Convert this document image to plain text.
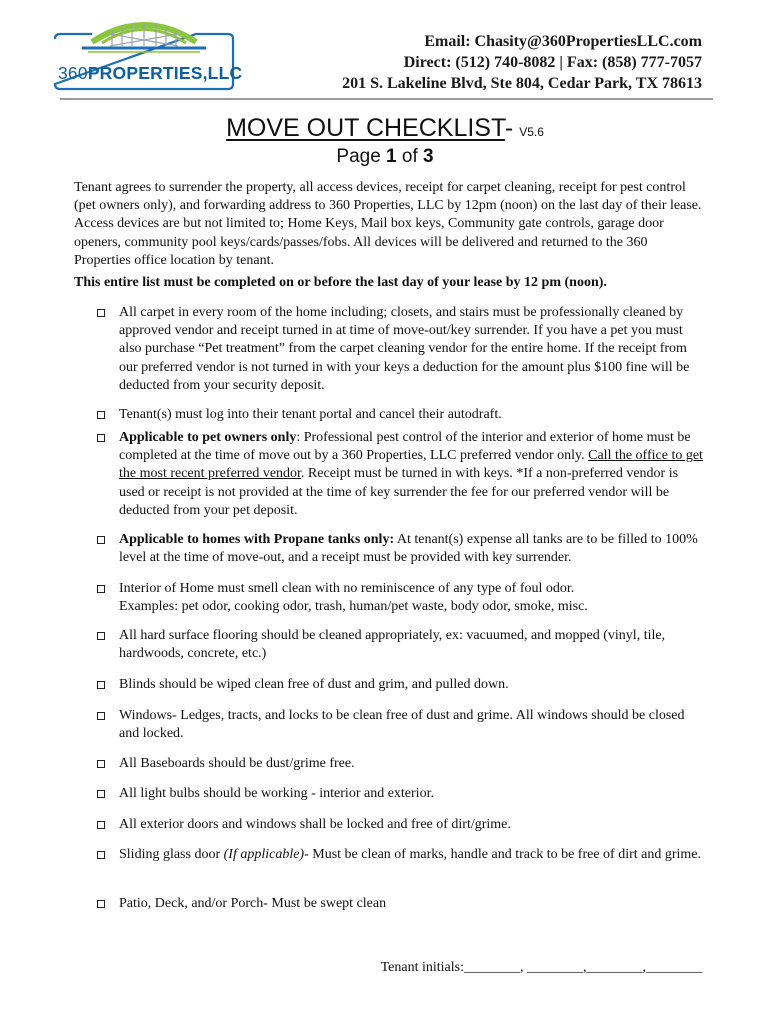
360PROPERTIES,LLC
Email: Chasity@360PropertiesLLC.com
Direct: (512) 740-8082 | Fax: (858) 777-7057
201 S. Lakeline Blvd, Ste 804, Cedar Park, TX 78613
MOVE OUT CHECKLIST- V5.6
Page 1 of 3
Tenant agrees to surrender the property, all access devices, receipt for carpet cleaning, receipt for pest control (pet owners only), and forwarding address to 360 Properties, LLC by 12pm (noon) on the last day of their lease. Access devices are but not limited to; Home Keys, Mail box keys, Community gate controls, garage door openers, community pool keys/cards/passes/fobs. All devices will be delivered and returned to the 360 Properties office location by tenant.
This entire list must be completed on or before the last day of your lease by 12 pm (noon).
All carpet in every room of the home including; closets, and stairs must be professionally cleaned by approved vendor and receipt turned in at time of move-out/key surrender. If you have a pet you must also purchase “Pet treatment” from the carpet cleaning vendor for the entire home. If the receipt from our preferred vendor is not turned in with your keys a deduction for the amount plus $100 fine will be deducted from your security deposit.
Tenant(s) must log into their tenant portal and cancel their autodraft.
Applicable to pet owners only: Professional pest control of the interior and exterior of home must be completed at the time of move out by a 360 Properties, LLC preferred vendor only. Call the office to get the most recent preferred vendor. Receipt must be turned in with keys. *If a non-preferred vendor is used or receipt is not provided at the time of key surrender the fee for our preferred vendor will be deducted from your pet deposit.
Applicable to homes with Propane tanks only: At tenant(s) expense all tanks are to be filled to 100% level at the time of move-out, and a receipt must be provided with key surrender.
Interior of Home must smell clean with no reminiscence of any type of foul odor.
Examples: pet odor, cooking odor, trash, human/pet waste, body odor, smoke, misc.
All hard surface flooring should be cleaned appropriately, ex: vacuumed, and mopped (vinyl, tile, hardwoods, concrete, etc.)
Blinds should be wiped clean free of dust and grim, and pulled down.
Windows- Ledges, tracts, and locks to be clean free of dust and grime. All windows should be closed and locked.
All Baseboards should be dust/grime free.
All light bulbs should be working - interior and exterior.
All exterior doors and windows shall be locked and free of dirt/grime.
Sliding glass door (If applicable)- Must be clean of marks, handle and track to be free of dirt and grime.
Patio, Deck, and/or Porch- Must be swept clean
Tenant initials:________, ________,________,________
